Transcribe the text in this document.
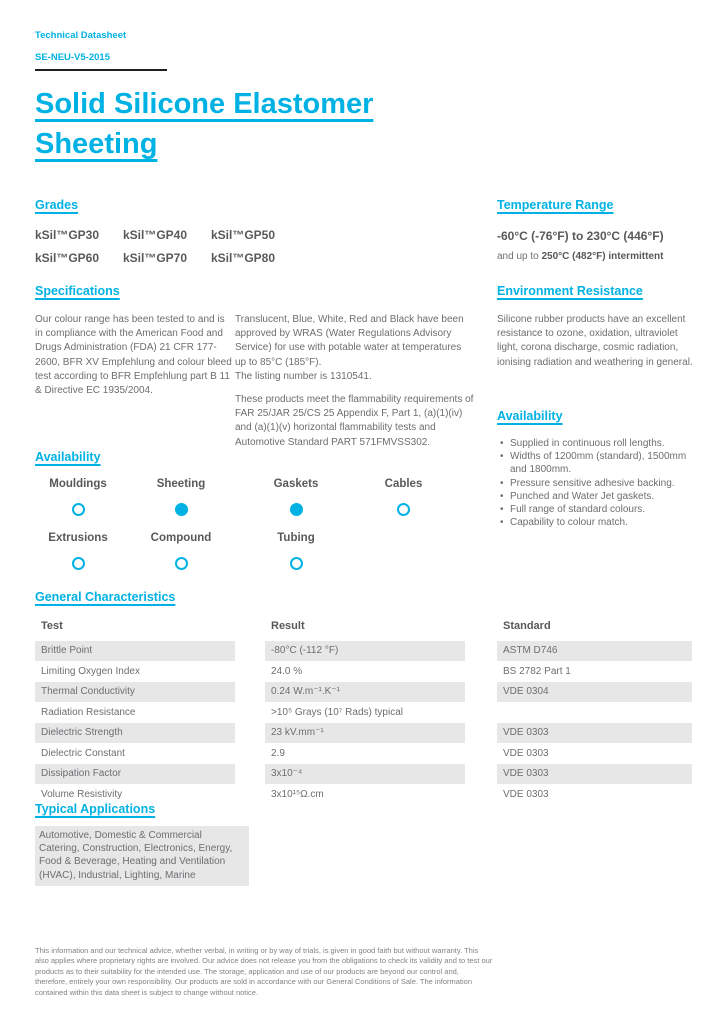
Technical Datasheet
SE-NEU-V5-2015
Solid Silicone Elastomer Sheeting
Grades
kSil™GP30	kSil™GP40	kSil™GP50
kSil™GP60	kSil™GP70	kSil™GP80
Temperature Range
-60°C (-76°F) to 230°C (446°F)
and up to 250°C (482°F) intermittent
Specifications
Our colour range has been tested to and is in compliance with the American Food and Drugs Administration (FDA) 21 CFR 177-2600, BFR XV Empfehlung and colour bleed test according to BFR Empfehlung part B 11 & Directive EC 1935/2004.
Translucent, Blue, White, Red and Black have been approved by WRAS (Water Regulations Advisory Service) for use with potable water at temperatures up to 85°C (185°F).
The listing number is 1310541.
These products meet the flammability requirements of FAR 25/JAR 25/CS 25 Appendix F, Part 1, (a)(1)(iv) and (a)(1)(v) horizontal flammability tests and Automotive Standard PART 571FMVSS302.
Environment Resistance
Silicone rubber products have an excellent resistance to ozone, oxidation, ultraviolet light, corona discharge, cosmic radiation, ionising radiation and weathering in general.
Availability
• Supplied in continuous roll lengths.
• Widths of 1200mm (standard), 1500mm and 1800mm.
• Pressure sensitive adhesive backing.
• Punched and Water Jet gaskets.
• Full range of standard colours.
• Capability to colour match.
Availability
Mouldings	Sheeting	Gaskets	Cables
Extrusions	Compound	Tubing
General Characteristics
Test	Result	Standard
Brittle Point	-80°C (-112 °F)	ASTM D746
Limiting Oxygen Index	24.0 %	BS 2782 Part 1
Thermal Conductivity	0.24 W.m⁻¹.K⁻¹	VDE 0304
Radiation Resistance	>10⁵ Grays (10⁷ Rads) typical
Dielectric Strength	23 kV.mm⁻¹	VDE 0303
Dielectric Constant	2.9	VDE 0303
Dissipation Factor	3x10⁻⁴	VDE 0303
Volume Resistivity	3x10¹⁵Ω.cm	VDE 0303
Typical Applications
Automotive, Domestic & Commercial Catering, Construction, Electronics, Energy, Food & Beverage, Heating and Ventilation (HVAC), Industrial, Lighting, Marine
This information and our technical advice, whether verbal, in writing or by way of trials, is given in good faith but without warranty. This also applies where proprietary rights are involved. Our advice does not release you from the obligations to check its validity and to test our products as to their suitability for the intended use. The storage, application and use of our products are beyond our control and, therefore, entirely your own responsibility. Our products are sold in accordance with our General Conditions of Sale. The information contained within this data sheet is subject to change without notice.
